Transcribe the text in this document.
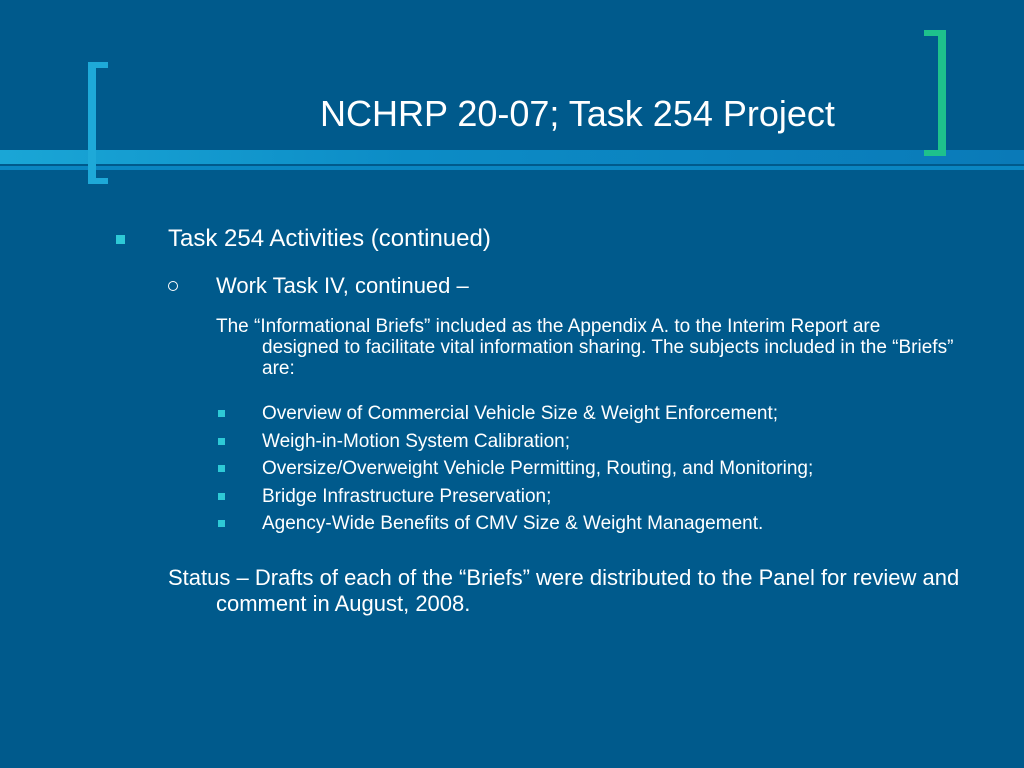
NCHRP 20-07; Task 254 Project
Task 254 Activities (continued)
Work Task IV, continued –
The “Informational Briefs” included as the Appendix A. to the Interim Report are designed to facilitate vital information sharing. The subjects included in the “Briefs” are:
Overview of Commercial Vehicle Size & Weight Enforcement;
Weigh-in-Motion System Calibration;
Oversize/Overweight Vehicle Permitting, Routing, and Monitoring;
Bridge Infrastructure Preservation;
Agency-Wide Benefits of CMV Size & Weight Management.
Status – Drafts of each of the “Briefs” were distributed to the Panel for review and comment in August, 2008.
